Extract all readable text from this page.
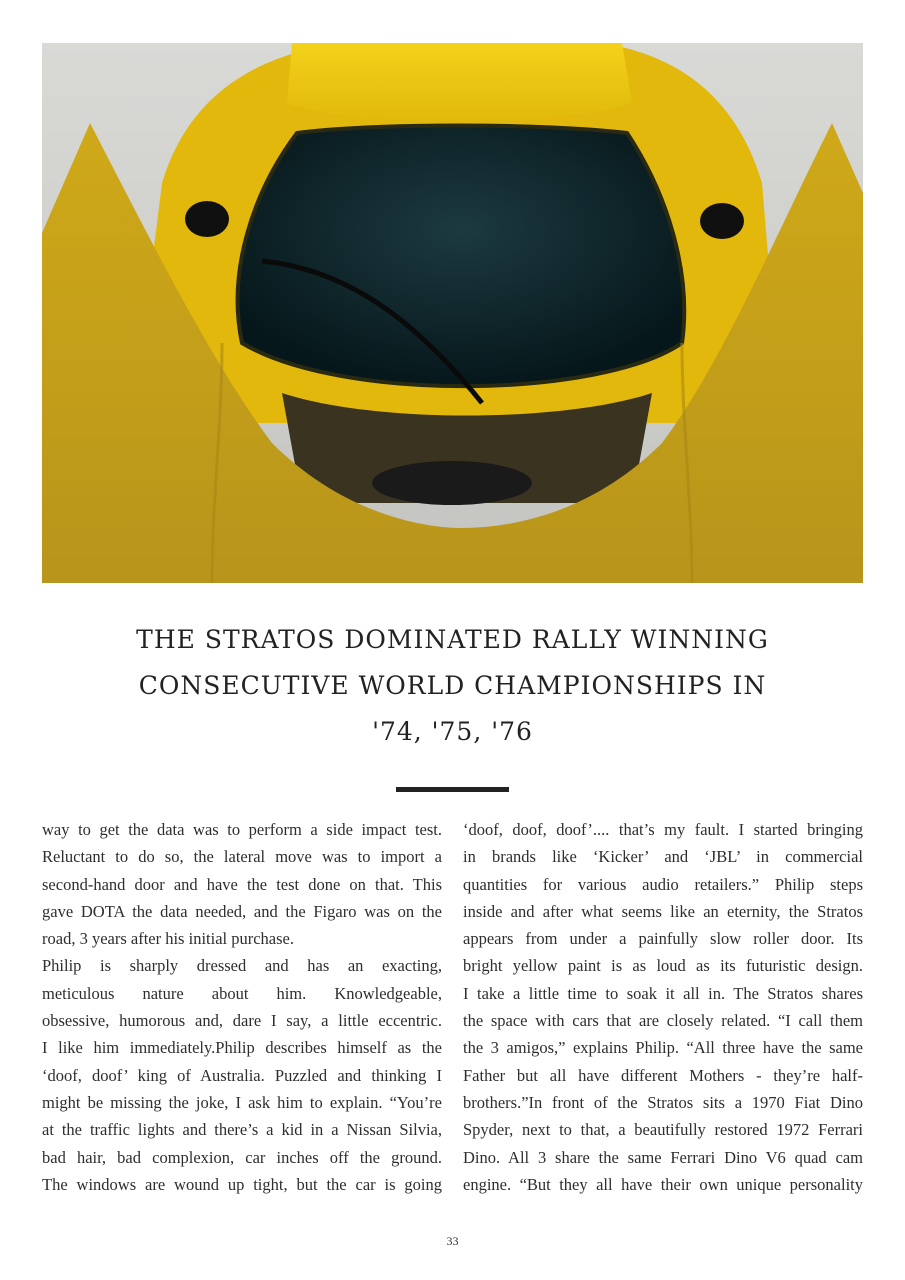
THE STRATOS DOMINATED RALLY WINNING
CONSECUTIVE WORLD CHAMPIONSHIPS IN
'74, '75, '76
way to get the data was to perform a side impact test.
Reluctant to do so, the lateral move was to import a
second-hand door and have the test done on that. This
gave DOTA the data needed, and the Figaro was on the
road, 3 years after his initial purchase.
Philip is sharply dressed and has an exacting,
meticulous nature about him. Knowledgeable,
obsessive, humorous and, dare I say, a little eccentric.
I like him immediately.Philip describes himself as the
‘doof, doof’ king of Australia. Puzzled and thinking I
might be missing the joke, I ask him to explain. “You’re
at the traffic lights and there’s a kid in a Nissan Silvia,
bad hair, bad complexion, car inches off the ground.
The windows are wound up tight, but the car is going
‘doof, doof, doof’.... that’s my fault. I started bringing
in brands like ‘Kicker’ and ‘JBL’ in commercial
quantities for various audio retailers.” Philip steps
inside and after what seems like an eternity, the Stratos
appears from under a painfully slow roller door. Its
bright yellow paint is as loud as its futuristic design.
I take a little time to soak it all in. The Stratos shares
the space with cars that are closely related. “I call them
the 3 amigos,” explains Philip. “All three have the same
Father but all have different Mothers - they’re half-
brothers.”In front of the Stratos sits a 1970 Fiat Dino
Spyder, next to that, a beautifully restored 1972 Ferrari
Dino. All 3 share the same Ferrari Dino V6 quad cam
engine. “But they all have their own unique personality
33
